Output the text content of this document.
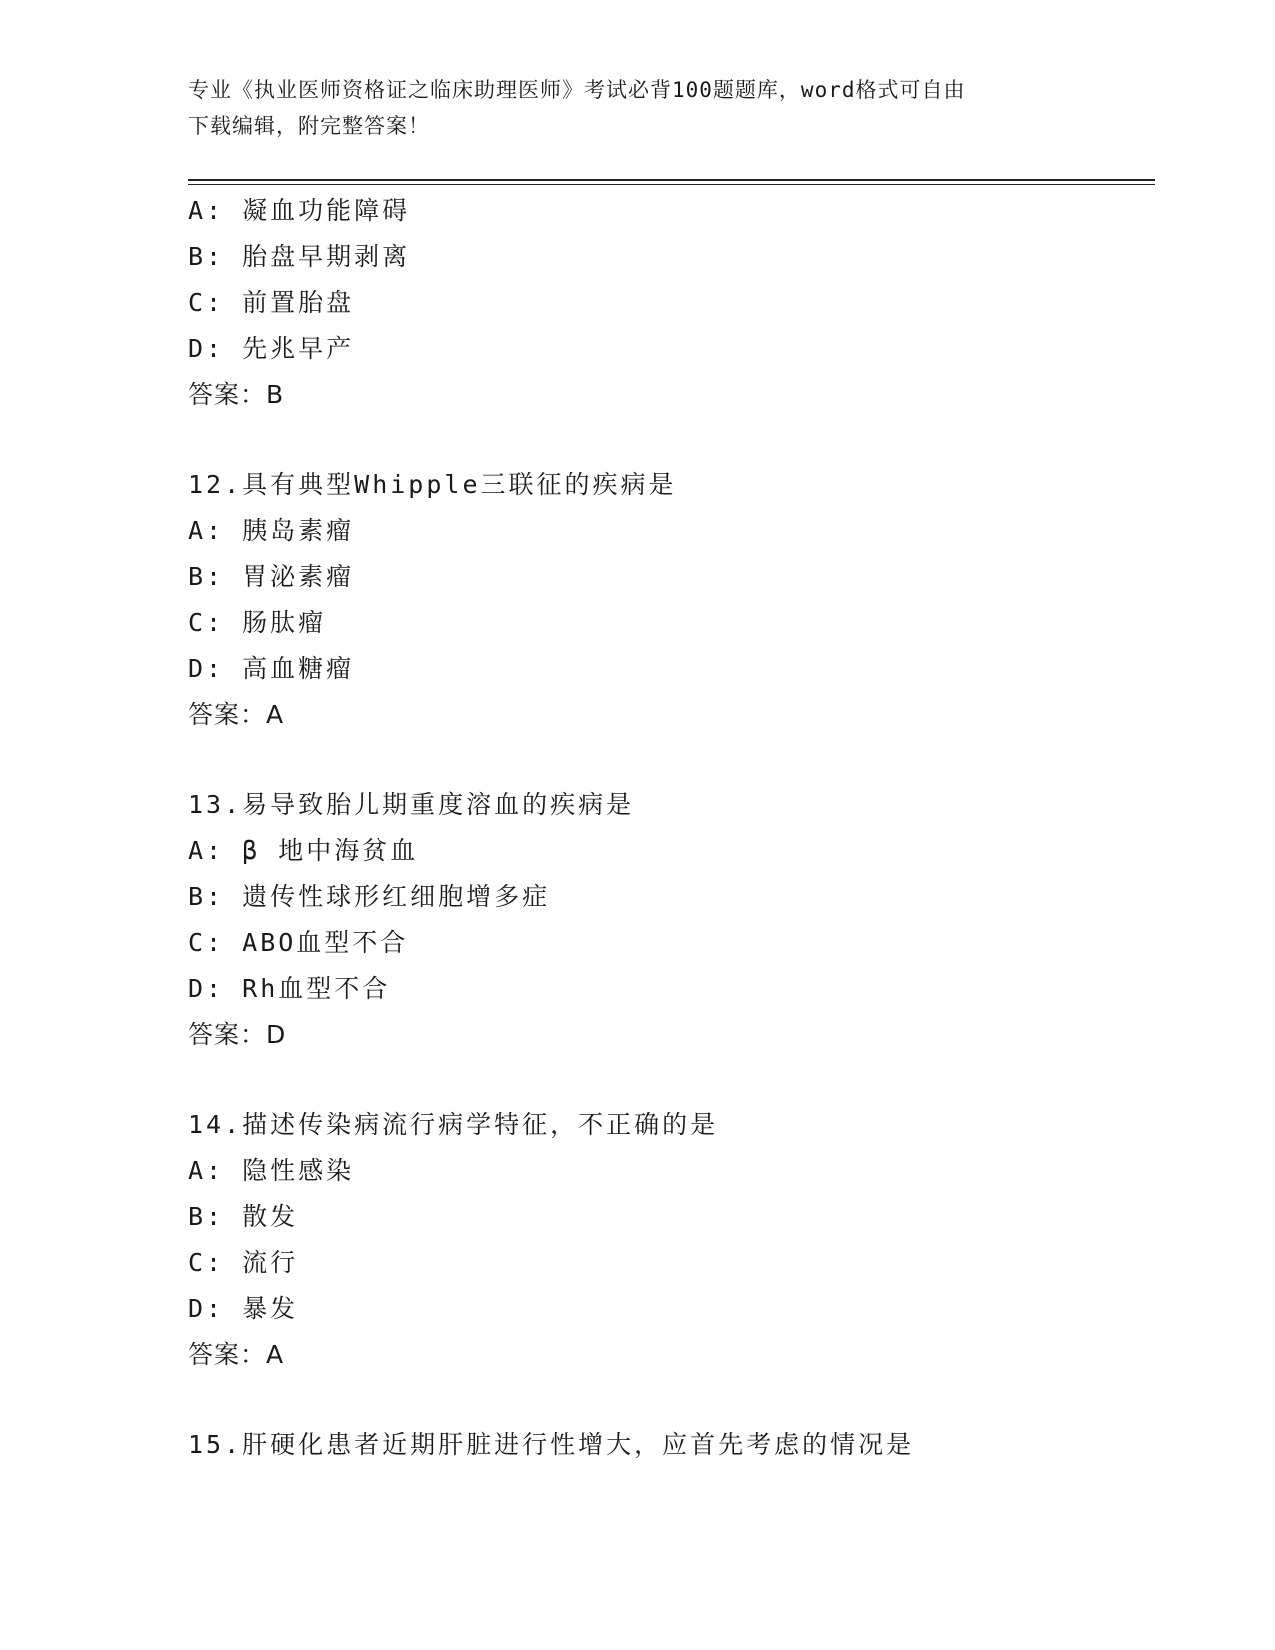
专业《执业医师资格证之临床助理医师》考试必背100题题库，word格式可自由
下载编辑，附完整答案！
A: 凝血功能障碍
B: 胎盘早期剥离
C: 前置胎盘
D: 先兆早产
答案：B
12.具有典型Whipple三联征的疾病是
A: 胰岛素瘤
B: 胃泌素瘤
C: 肠肽瘤
D: 高血糖瘤
答案：A
13.易导致胎儿期重度溶血的疾病是
A: β 地中海贫血
B: 遗传性球形红细胞增多症
C: ABO血型不合
D: Rh血型不合
答案：D
14.描述传染病流行病学特征，不正确的是
A: 隐性感染
B: 散发
C: 流行
D: 暴发
答案：A
15.肝硬化患者近期肝脏进行性增大，应首先考虑的情况是
